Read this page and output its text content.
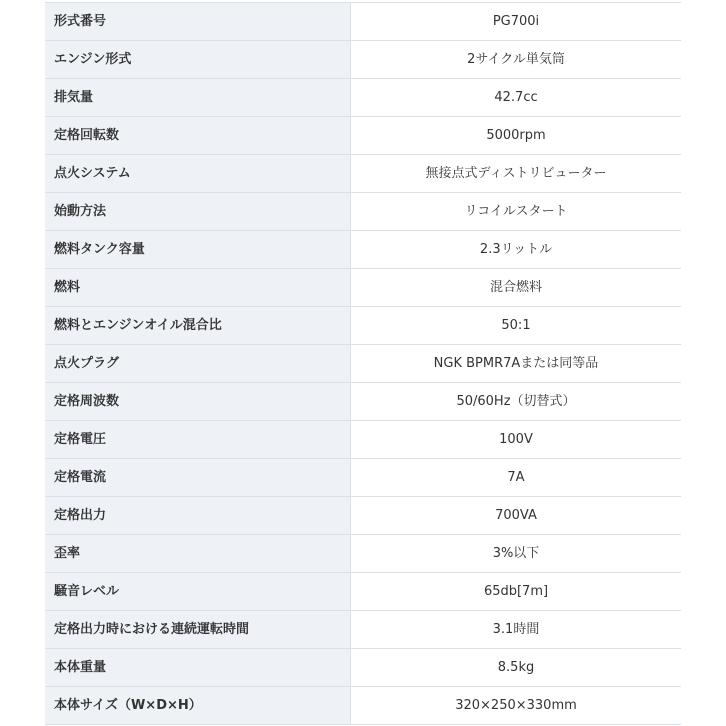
形式番号	PG700i
エンジン形式	2サイクル単気筒
排気量	42.7cc
定格回転数	5000rpm
点火システム	無接点式ディストリビューター
始動方法	リコイルスタート
燃料タンク容量	2.3リットル
燃料	混合燃料
燃料とエンジンオイル混合比	50:1
点火プラグ	NGK BPMR7Aまたは同等品
定格周波数	50/60Hz（切替式）
定格電圧	100V
定格電流	7A
定格出力	700VA
歪率	3%以下
騒音レベル	65db[7m]
定格出力時における連続運転時間	3.1時間
本体重量	8.5kg
本体サイズ（W×D×H）	320×250×330mm
